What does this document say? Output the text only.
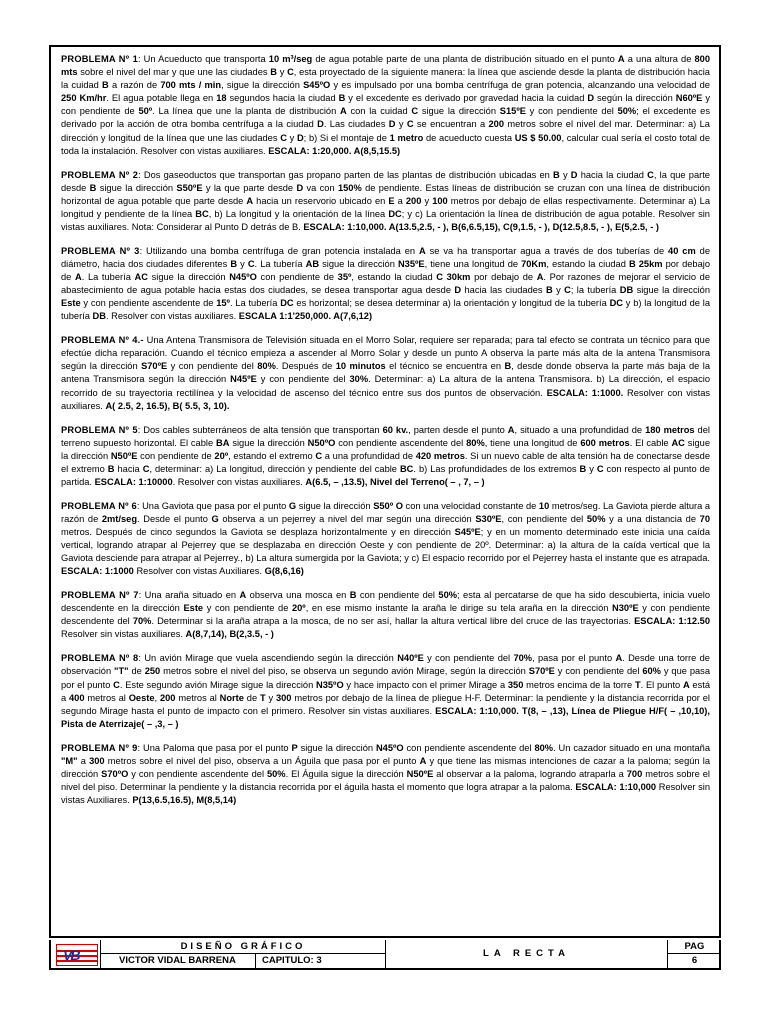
PROBLEMA Nº 1: Un Acueducto que transporta 10 m³/seg de agua potable parte de una planta de distribución situado en el punto A a una altura de 800 mts sobre el nivel del mar y que une las ciudades B y C, esta proyectado de la siguiente manera: la línea que asciende desde la planta de distribución hacia la cuidad B a razón de 700 mts / min, sigue la dirección S45ºO y es impulsado por una bomba centrífuga de gran potencia, alcanzando una velocidad de 250 Km/hr. El agua potable llega en 18 segundos hacia la ciudad B y el excedente es derivado por gravedad hacia la cuidad D según la dirección N60ºE y con pendiente de 50º. La línea que une la planta de distribución A con la cuidad C sigue la dirección S15ºE y con pendiente del 50%; el excedente es derivado por la acción de otra bomba centrífuga a la ciudad D. Las ciudades D y C se encuentran a 200 metros sobre el nivel del mar. Determinar: a) La dirección y longitud de la línea que une las ciudades C y D; b) Si el montaje de 1 metro de acueducto cuesta US $ 50.00, calcular cual sería el costo total de toda la instalación. Resolver con vistas auxiliares. ESCALA: 1:20,000. A(8,5,15.5)

PROBLEMA Nº 2: Dos gaseoductos que transportan gas propano parten de las plantas de distribución ubicadas en B y D hacia la ciudad C, la que parte desde B sigue la dirección S50ºE y la que parte desde D va con 150% de pendiente. Estas líneas de distribución se cruzan con una línea de distribución horizontal de agua potable que parte desde A hacia un reservorio ubicado en E a 200 y 100 metros por debajo de ellas respectivamente. Determinar a) La longitud y pendiente de la línea BC, b) La longitud y la orientación de la línea DC; y c) La orientación la línea de distribución de agua potable. Resolver sin vistas auxiliares. Nota: Considerar al Punto D detrás de B. ESCALA: 1:10,000. A(13.5,2.5, - ), B(6,6.5,15), C(9,1.5, - ), D(12.5,8.5, - ), E(5,2.5, - )

PROBLEMA Nº 3: Utilizando una bomba centrífuga de gran potencia instalada en A se va ha transportar agua a través de dos tuberías de 40 cm de diámetro, hacia dos ciudades diferentes B y C. La tubería AB sigue la dirección N35ºE, tiene una longitud de 70Km, estando la ciudad B 25km por debajo de A. La tubería AC sigue la dirección N45ºO con pendiente de 35º, estando la ciudad C 30km por debajo de A. Por razones de mejorar el servicio de abastecimiento de agua potable hacia estas dos ciudades, se desea transportar agua desde D hacia las ciudades B y C; la tubería DB sigue la dirección Este y con pendiente ascendente de 15º. La tubería DC es horizontal; se desea determinar a) la orientación y longitud de la tubería DC y b) la longitud de la tubería DB. Resolver con vistas auxiliares. ESCALA 1:1'250,000. A(7,6,12)

PROBLEMA Nº 4.- Una Antena Transmisora de Televisión situada en el Morro Solar, requiere ser reparada; para tal efecto se contrata un técnico para que efectúe dicha reparación. Cuando el técnico empieza a ascender al Morro Solar y desde un punto A observa la parte más alta de la antena Transmisora según la dirección S70ºE y con pendiente del 80%. Después de 10 minutos el técnico se encuentra en B, desde donde observa la parte más baja de la antena Transmisora según la dirección N45ºE y con pendiente del 30%. Determinar: a) La altura de la antena Transmisora. b) La dirección, el espacio recorrido de su trayectoria rectilínea y la velocidad de ascenso del técnico entre sus dos puntos de observación. ESCALA: 1:1000. Resolver con vistas auxiliares. A( 2.5, 2, 16.5), B( 5.5, 3, 10).

PROBLEMA Nº 5: Dos cables subterráneos de alta tensión que transportan 60 kv., parten desde el punto A, situado a una profundidad de 180 metros del terreno supuesto horizontal. El cable BA sigue la dirección N50ºO con pendiente ascendente del 80%, tiene una longitud de 600 metros. El cable AC sigue la dirección N50ºE con pendiente de 20º, estando el extremo C a una profundidad de 420 metros. Si un nuevo cable de alta tensión ha de conectarse desde el extremo B hacia C, determinar: a) La longitud, dirección y pendiente del cable BC. b) Las profundidades de los extremos B y C con respecto al punto de partida. ESCALA: 1:10000. Resolver con vistas auxiliares. A(6.5, – ,13.5), Nivel del Terreno( – , 7, – )

PROBLEMA Nº 6: Una Gaviota que pasa por el punto G sigue la dirección S50º O con una velocidad constante de 10 metros/seg. La Gaviota pierde altura a razón de 2mt/seg. Desde el punto G observa a un pejerrey a nivel del mar según una dirección S30ºE, con pendiente del 50% y a una distancia de 70 metros. Después de cinco segundos la Gaviota se desplaza horizontalmente y en dirección S45ºE; y en un momento determinado este inicia una caída vertical, logrando atrapar al Pejerrey que se desplazaba en dirección Oeste y con pendiente de 20º. Determinar: a) la altura de la caída vertical que la Gaviota desciende para atrapar al Pejerrey., b) La altura sumergida por la Gaviota; y c) El espacio recorrido por el Pejerrey hasta el instante que es atrapada. ESCALA: 1:1000 Resolver con vistas Auxiliares. G(8,6,16)

PROBLEMA Nº 7: Una araña situado en A observa una mosca en B con pendiente del 50%; esta al percatarse de que ha sido descubierta, inicia vuelo descendente en la dirección Este y con pendiente de 20º, en ese mismo instante la araña le dirige su tela araña en la dirección N30ºE y con pendiente descendente del 70%. Determinar si la araña atrapa a la mosca, de no ser así, hallar la altura vertical libre del cruce de las trayectorias. ESCALA: 1:12.50 Resolver sin vistas auxiliares. A(8,7,14), B(2,3.5, - )

PROBLEMA Nº 8: Un avión Mirage que vuela ascendiendo según la dirección N40ºE y con pendiente del 70%, pasa por el punto A. Desde una torre de observación "T" de 250 metros sobre el nivel del piso, se observa un segundo avión Mirage, según la dirección S70ºE y con pendiente del 60% y que pasa por el punto C. Este segundo avión Mirage sigue la dirección N35ºO y hace impacto con el primer Mirage a 350 metros encima de la torre T. El punto A está a 400 metros al Oeste, 200 metros al Norte de T y 300 metros por debajo de la línea de pliegue H-F. Determinar: la pendiente y la distancia recorrida por el segundo Mirage hasta el punto de impacto con el primero. Resolver sin vistas auxiliares. ESCALA: 1:10,000. T(8, – ,13), Línea de Pliegue H/F( – ,10,10), Pista de Aterrizaje( – ,3, – )

PROBLEMA Nº 9: Una Paloma que pasa por el punto P sigue la dirección N45ºO con pendiente ascendente del 80%. Un cazador situado en una montaña "M" a 300 metros sobre el nivel del piso, observa a un Águila que pasa por el punto A y que tiene las mismas intenciones de cazar a la paloma; según la dirección S70ºO y con pendiente ascendente del 50%. El Águila sigue la dirección N50ºE al observar a la paloma, logrando atraparla a 700 metros sobre el nivel del piso. Determinar la pendiente y la distancia recorrida por el águila hasta el momento que logra atrapar a la paloma. ESCALA: 1:10,000 Resolver sin vistas Auxiliares. P(13,6.5,16.5), M(8,5,14)

VB
DISEÑO GRÁFICO
VICTOR VIDAL BARRENA	CAPITULO: 3
LA RECTA
PAG
6
